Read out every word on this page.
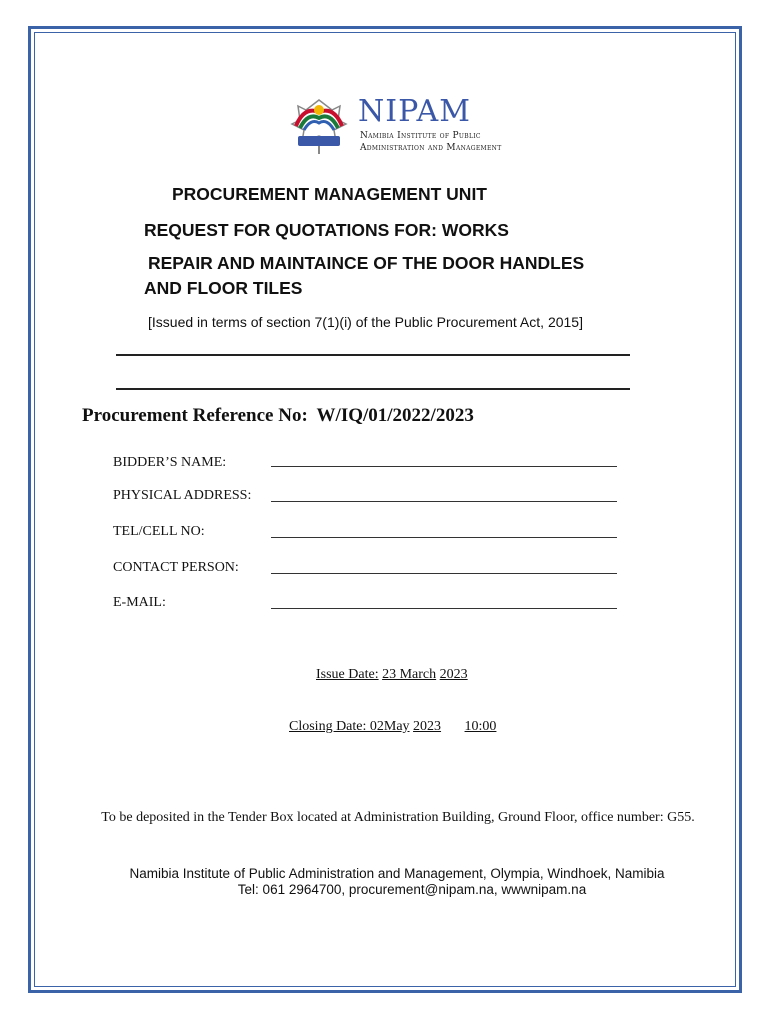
NIPAM
Namibia Institute of Public
Administration and Management
PROCUREMENT MANAGEMENT UNIT
REQUEST FOR QUOTATIONS FOR: WORKS
REPAIR AND MAINTAINCE OF THE DOOR HANDLES
AND FLOOR TILES
[Issued in terms of section 7(1)(i) of the Public Procurement Act, 2015]
Procurement Reference No: W/IQ/01/2022/2023
BIDDER’S NAME:
PHYSICAL ADDRESS:
TEL/CELL NO:
CONTACT PERSON:
E-MAIL:
Issue Date: 23 March 2023
Closing Date: 02May 2023 10:00
To be deposited in the Tender Box located at Administration Building, Ground Floor, office number: G55.
Namibia Institute of Public Administration and Management, Olympia, Windhoek, Namibia
Tel: 061 2964700, procurement@nipam.na, wwwnipam.na
